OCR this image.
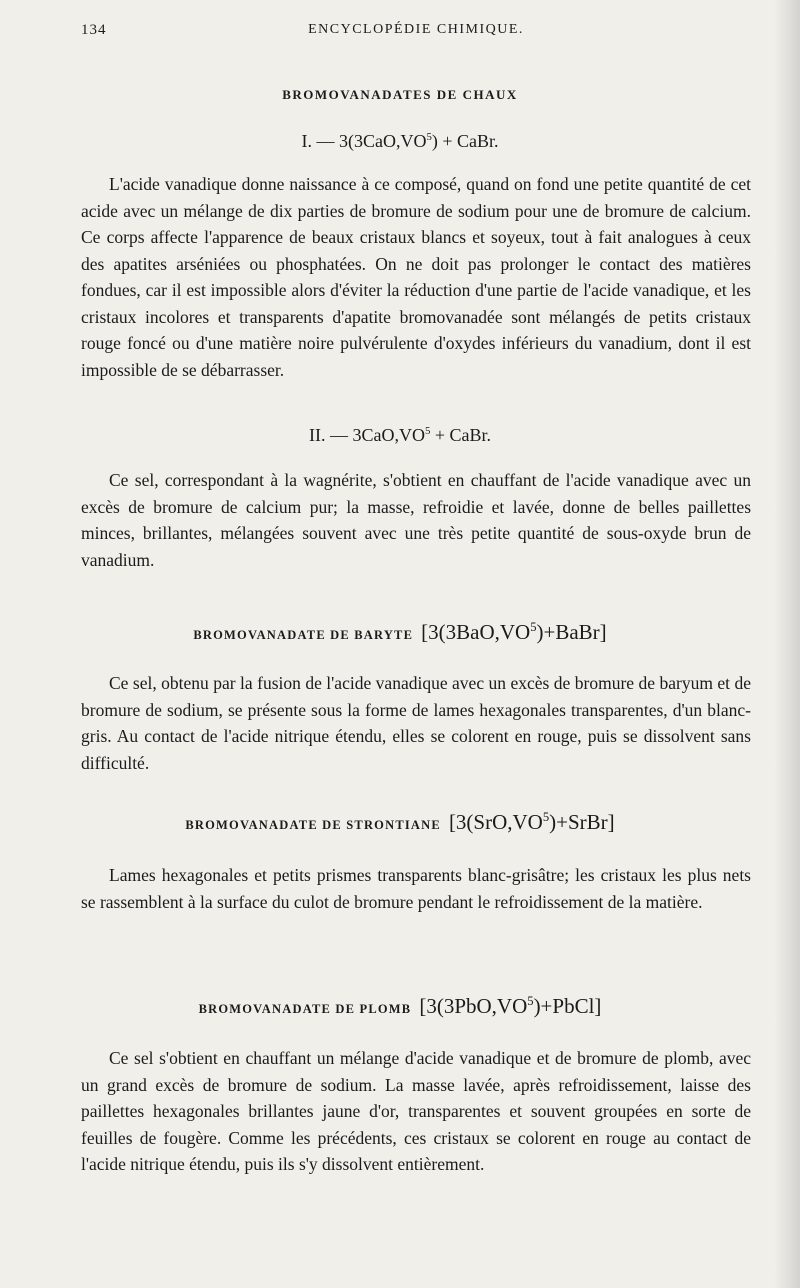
134	ENCYCLOPÉDIE CHIMIQUE.
BROMOVANADATES DE CHAUX
I. — $3(3CaO,VO^5)$ + CaBr.

L'acide vanadique donne naissance à ce composé, quand on fond une petite quantité de cet acide avec un mélange de dix parties de bromure de sodium pour une de bromure de calcium. Ce corps affecte l'apparence de beaux cristaux blancs et soyeux, tout à fait analogues à ceux des apatites arséniées ou phosphatées. On ne doit pas prolonger le contact des matières fondues, car il est impossible alors d'éviter la réduction d'une partie de l'acide vanadique, et les cristaux incolores et transparents d'apatite bromovanadée sont mélangés de petits cristaux rouge foncé ou d'une matière noire pulvérulente d'oxydes inférieurs du vanadium, dont il est impossible de se débarrasser.

II. — $3CaO,VO^5$ + CaBr.

Ce sel, correspondant à la wagnérite, s'obtient en chauffant de l'acide vanadique avec un excès de bromure de calcium pur; la masse, refroidie et lavée, donne de belles paillettes minces, brillantes, mélangées souvent avec une très petite quantité de sous-oxyde brun de vanadium.

BROMOVANADATE DE BARYTE $[3(3BaO,VO^5)+BaBr]$

Ce sel, obtenu par la fusion de l'acide vanadique avec un excès de bromure de baryum et de bromure de sodium, se présente sous la forme de lames hexagonales transparentes, d'un blanc-gris. Au contact de l'acide nitrique étendu, elles se colorent en rouge, puis se dissolvent sans difficulté.

BROMOVANADATE DE STRONTIANE $[3(SrO,VO^5)+SrBr]$

Lames hexagonales et petits prismes transparents blanc-grisâtre; les cristaux les plus nets se rassemblent à la surface du culot de bromure pendant le refroidissement de la matière.

BROMOVANADATE DE PLOMB $[3(3PbO,VO^5)+PbCl]$

Ce sel s'obtient en chauffant un mélange d'acide vanadique et de bromure de plomb, avec un grand excès de bromure de sodium. La masse lavée, après refroidissement, laisse des paillettes hexagonales brillantes jaune d'or, transparentes et souvent groupées en sorte de feuilles de fougère. Comme les précédents, ces cristaux se colorent en rouge au contact de l'acide nitrique étendu, puis ils s'y dissolvent entièrement.
